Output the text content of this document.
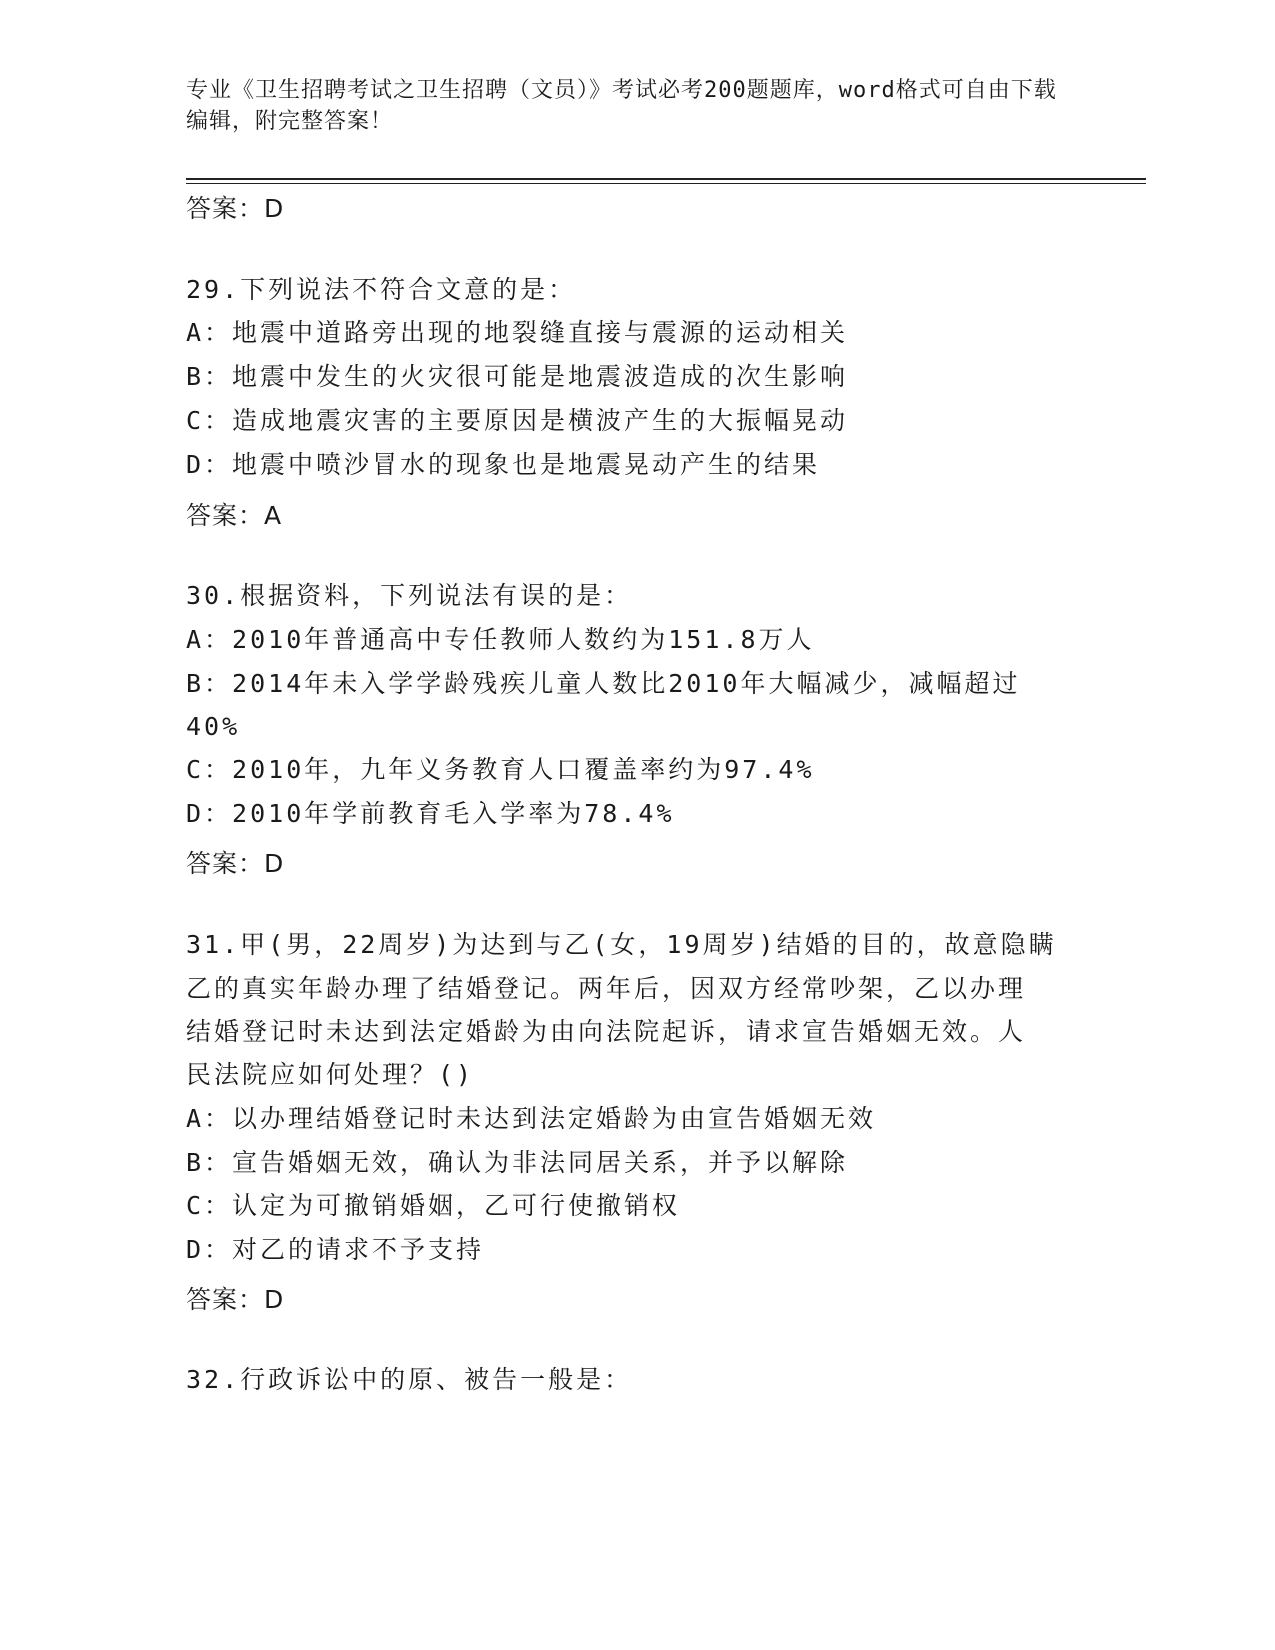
专业《卫生招聘考试之卫生招聘（文员）》考试必考200题题库，word格式可自由下载编辑，附完整答案！
答案：D
29.下列说法不符合文意的是：
A：地震中道路旁出现的地裂缝直接与震源的运动相关
B：地震中发生的火灾很可能是地震波造成的次生影响
C：造成地震灾害的主要原因是横波产生的大振幅晃动
D：地震中喷沙冒水的现象也是地震晃动产生的结果
答案：A
30.根据资料，下列说法有误的是：
A：2010年普通高中专任教师人数约为151.8万人
B：2014年未入学学龄残疾儿童人数比2010年大幅减少，减幅超过
40%
C：2010年，九年义务教育人口覆盖率约为97.4%
D：2010年学前教育毛入学率为78.4%
答案：D
31.甲(男，22周岁)为达到与乙(女，19周岁)结婚的目的，故意隐瞒
乙的真实年龄办理了结婚登记。两年后，因双方经常吵架，乙以办理
结婚登记时未达到法定婚龄为由向法院起诉，请求宣告婚姻无效。人
民法院应如何处理？()
A：以办理结婚登记时未达到法定婚龄为由宣告婚姻无效
B：宣告婚姻无效，确认为非法同居关系，并予以解除
C：认定为可撤销婚姻，乙可行使撤销权
D：对乙的请求不予支持
答案：D
32.行政诉讼中的原、被告一般是：
